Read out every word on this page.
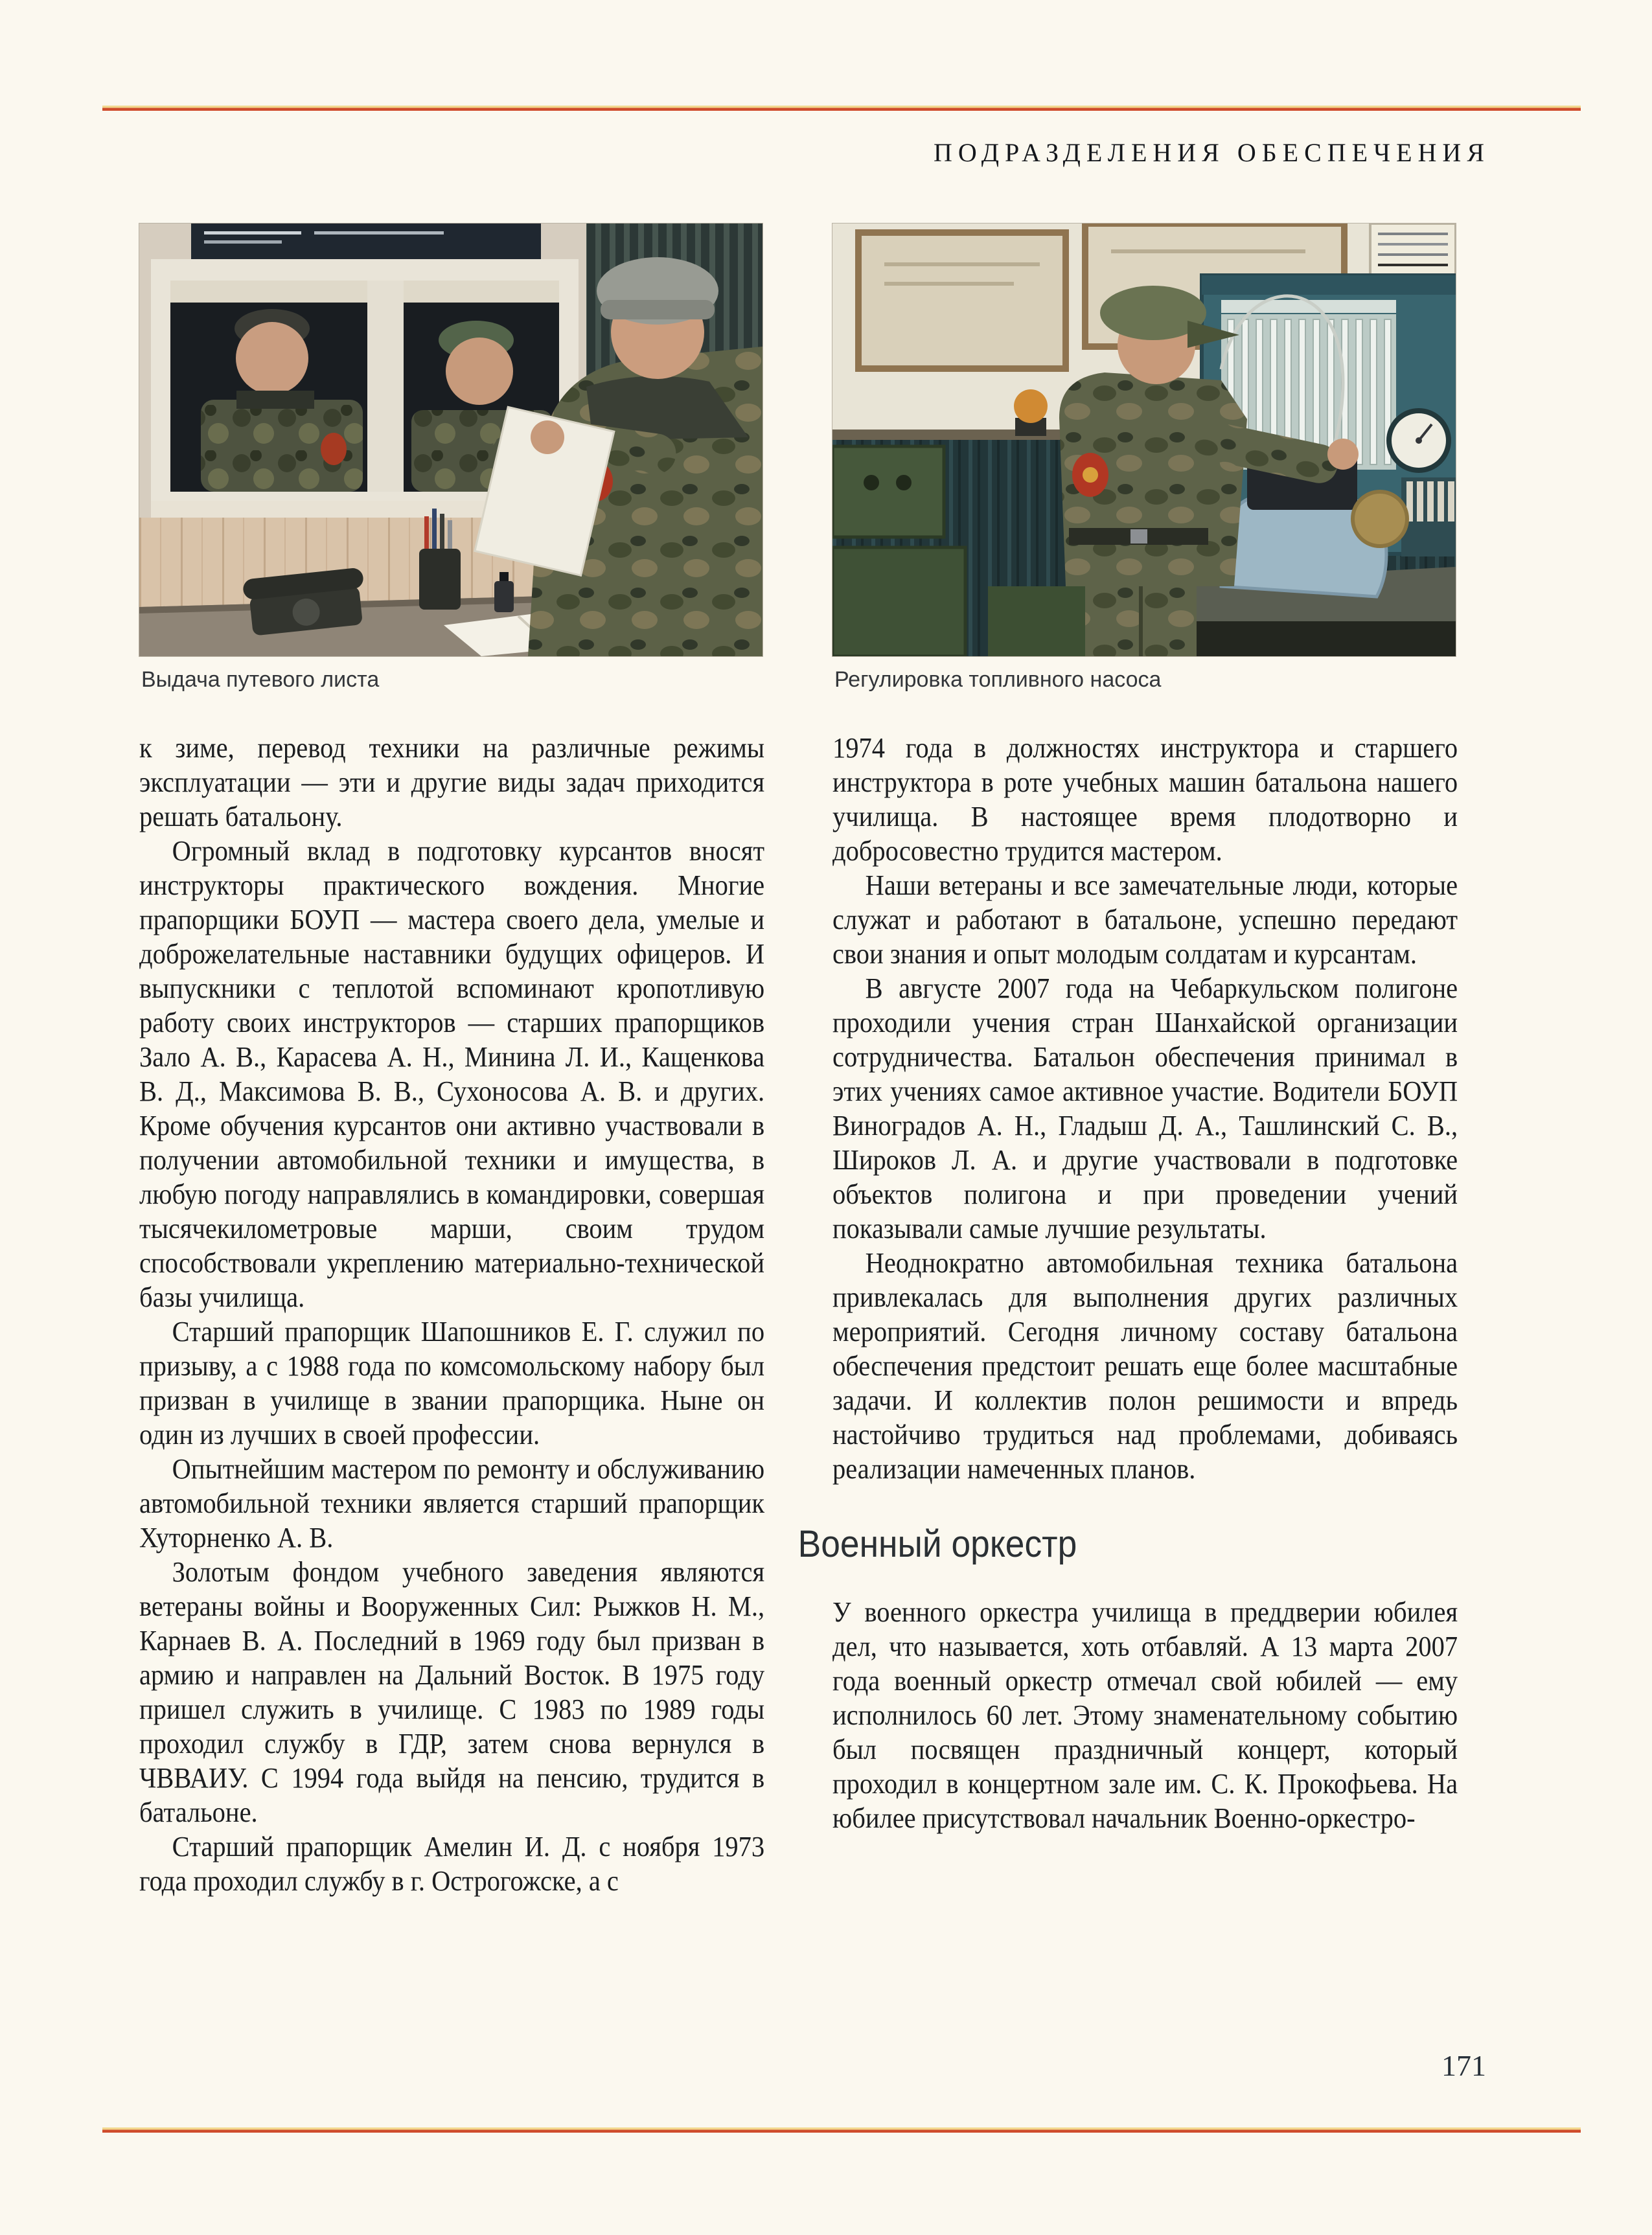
ПОДРАЗДЕЛЕНИЯ ОБЕСПЕЧЕНИЯ
Выдача путевого листа	Регулировка топливного насоса

к зиме, перевод техники на различные режимы эксплуатации — эти и другие виды задач приходится решать батальону.

Огромный вклад в подготовку курсантов вносят инструкторы практического вождения. Многие прапорщики БОУП — мастера своего дела, умелые и доброжелательные наставники будущих офицеров. И выпускники с теплотой вспоминают кропотливую работу своих инструкторов — старших прапорщиков Зало А. В., Карасева А. Н., Минина Л. И., Кащенкова В. Д., Максимова В. В., Сухоносова А. В. и других. Кроме обучения курсантов они активно участвовали в получении автомобильной техники и имущества, в любую погоду направлялись в командировки, совершая тысячекилометровые марши, своим трудом способствовали укреплению материально-технической базы училища.

Старший прапорщик Шапошников Е. Г. служил по призыву, а с 1988 года по комсомольскому набору был призван в училище в звании прапорщика. Ныне он один из лучших в своей профессии.

Опытнейшим мастером по ремонту и обслуживанию автомобильной техники является старший прапорщик Хуторненко А. В.

Золотым фондом учебного заведения являются ветераны войны и Вооруженных Сил: Рыжков Н. М., Карнаев В. А. Последний в 1969 году был призван в армию и направлен на Дальний Восток. В 1975 году пришел служить в училище. С 1983 по 1989 годы проходил службу в ГДР, затем снова вернулся в ЧВВАИУ. С 1994 года выйдя на пенсию, трудится в батальоне.

Старший прапорщик Амелин И. Д. с ноября 1973 года проходил службу в г. Острогожске, а с

1974 года в должностях инструктора и старшего инструктора в роте учебных машин батальона нашего училища. В настоящее время плодотворно и добросовестно трудится мастером.

Наши ветераны и все замечательные люди, которые служат и работают в батальоне, успешно передают свои знания и опыт молодым солдатам и курсантам.

В августе 2007 года на Чебаркульском полигоне проходили учения стран Шанхайской организации сотрудничества. Батальон обеспечения принимал в этих учениях самое активное участие. Водители БОУП Виноградов А. Н., Гладыш Д. А., Ташлинский С. В., Широков Л. А. и другие участвовали в подготовке объектов полигона и при проведении учений показывали самые лучшие результаты.

Неоднократно автомобильная техника батальона привлекалась для выполнения других различных мероприятий. Сегодня личному составу батальона обеспечения предстоит решать еще более масштабные задачи. И коллектив полон решимости и впредь настойчиво трудиться над проблемами, добиваясь реализации намеченных планов.

Военный оркестр

У военного оркестра училища в преддверии юбилея дел, что называется, хоть отбавляй. А 13 марта 2007 года военный оркестр отмечал свой юбилей — ему исполнилось 60 лет. Этому знаменательному событию был посвящен праздничный концерт, который проходил в концертном зале им. С. К. Прокофьева. На юбилее присутствовал начальник Военно-оркестро-

171
